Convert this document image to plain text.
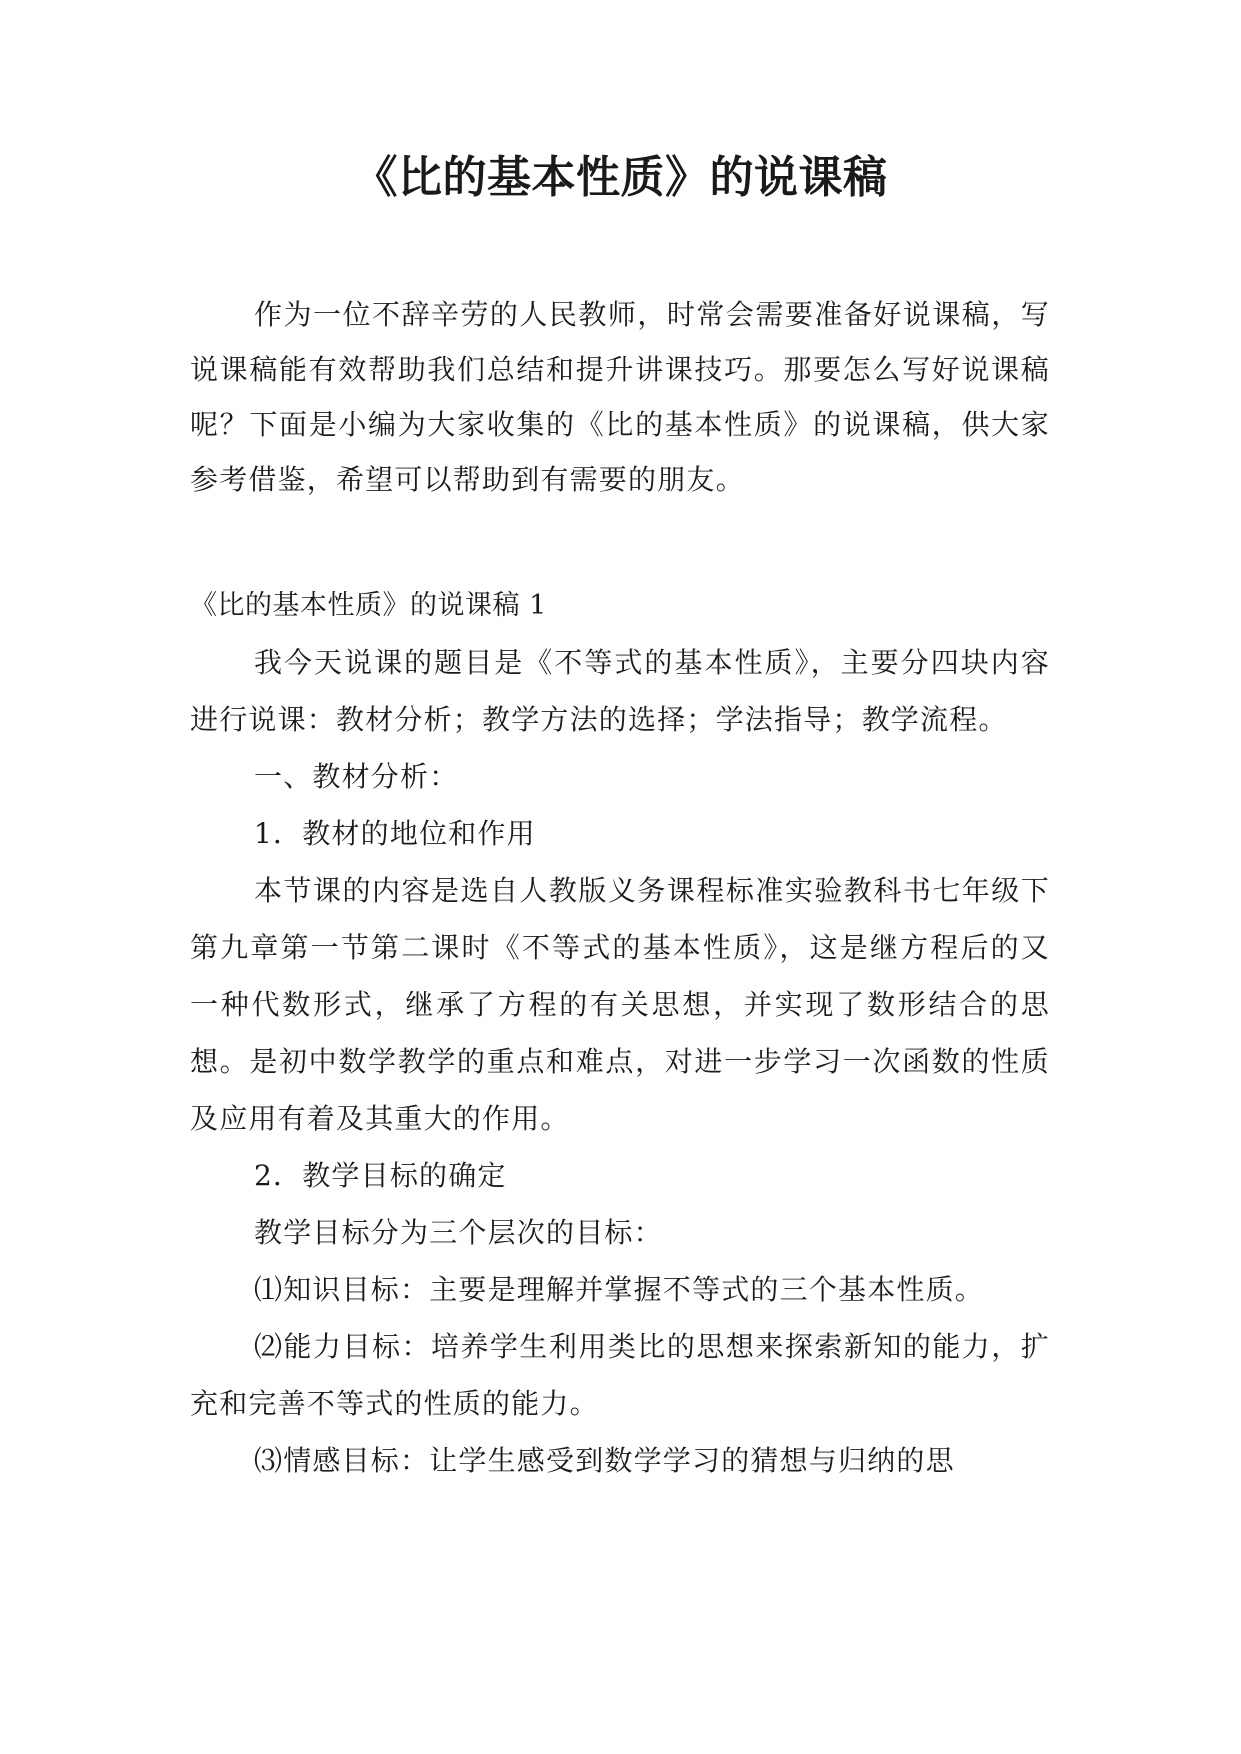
《比的基本性质》的说课稿

作为一位不辞辛劳的人民教师，时常会需要准备好说课稿，写说课稿能有效帮助我们总结和提升讲课技巧。那要怎么写好说课稿呢？下面是小编为大家收集的《比的基本性质》的说课稿，供大家参考借鉴，希望可以帮助到有需要的朋友。

《比的基本性质》的说课稿 1

我今天说课的题目是《不等式的基本性质》，主要分四块内容进行说课：教材分析；教学方法的选择；学法指导；教学流程。

一、教材分析：

1．教材的地位和作用

本节课的内容是选自人教版义务课程标准实验教科书七年级下第九章第一节第二课时《不等式的基本性质》，这是继方程后的又一种代数形式，继承了方程的有关思想，并实现了数形结合的思想。是初中数学教学的重点和难点，对进一步学习一次函数的性质及应用有着及其重大的作用。

2．教学目标的确定

教学目标分为三个层次的目标：

⑴知识目标：主要是理解并掌握不等式的三个基本性质。

⑵能力目标：培养学生利用类比的思想来探索新知的能力，扩充和完善不等式的性质的能力。

⑶情感目标：让学生感受到数学学习的猜想与归纳的思
